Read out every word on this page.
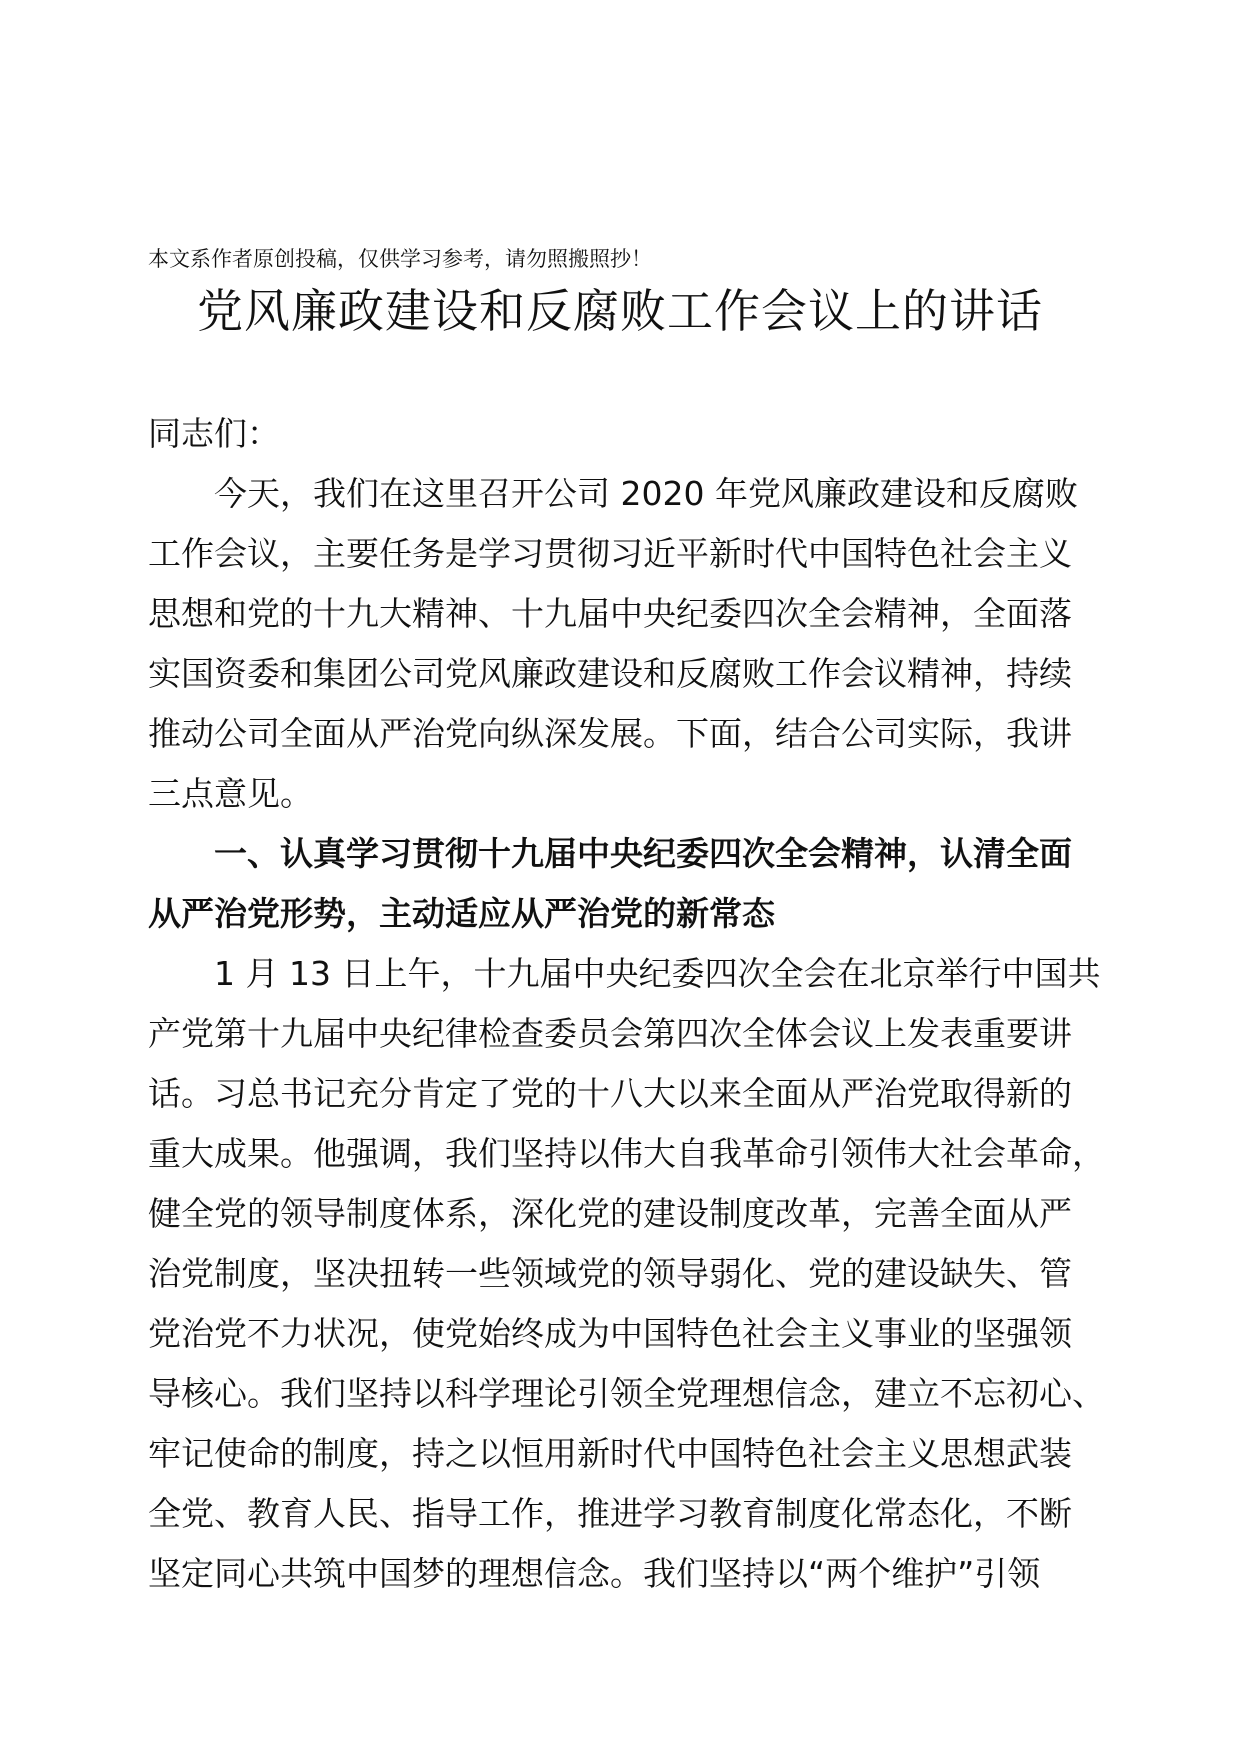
本文系作者原创投稿，仅供学习参考，请勿照搬照抄！
党风廉政建设和反腐败工作会议上的讲话
同志们：
今天，我们在这里召开公司 2020 年党风廉政建设和反腐败
工作会议，主要任务是学习贯彻习近平新时代中国特色社会主义
思想和党的十九大精神、十九届中央纪委四次全会精神，全面落
实国资委和集团公司党风廉政建设和反腐败工作会议精神，持续
推动公司全面从严治党向纵深发展。下面，结合公司实际，我讲
三点意见。
一、认真学习贯彻十九届中央纪委四次全会精神，认清全面
从严治党形势，主动适应从严治党的新常态
1 月 13 日上午，十九届中央纪委四次全会在北京举行中国共
产党第十九届中央纪律检查委员会第四次全体会议上发表重要讲
话。习总书记充分肯定了党的十八大以来全面从严治党取得新的
重大成果。他强调，我们坚持以伟大自我革命引领伟大社会革命，
健全党的领导制度体系，深化党的建设制度改革，完善全面从严
治党制度，坚决扭转一些领域党的领导弱化、党的建设缺失、管
党治党不力状况，使党始终成为中国特色社会主义事业的坚强领
导核心。我们坚持以科学理论引领全党理想信念，建立不忘初心、
牢记使命的制度，持之以恒用新时代中国特色社会主义思想武装
全党、教育人民、指导工作，推进学习教育制度化常态化，不断
坚定同心共筑中国梦的理想信念。我们坚持以“两个维护”引领
